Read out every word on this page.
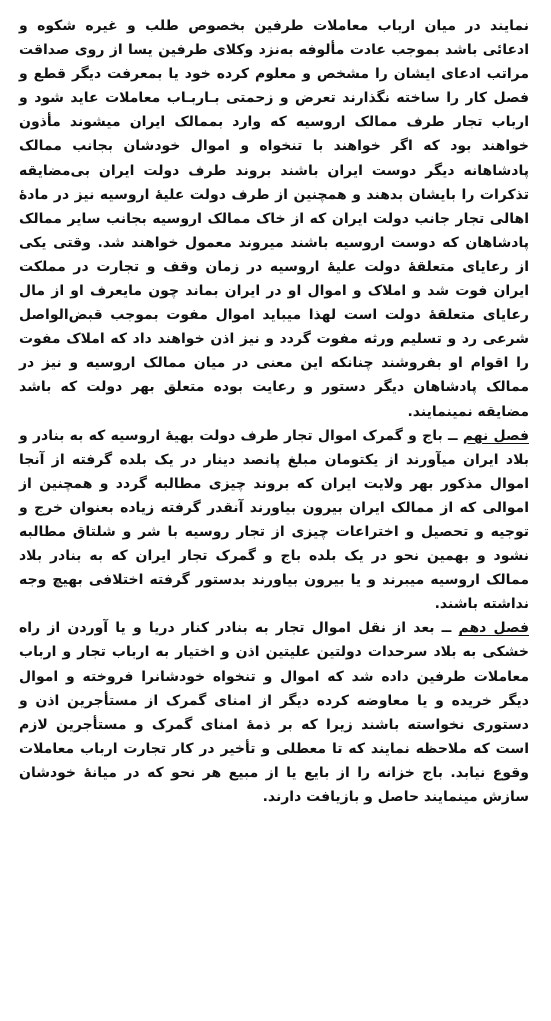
نمایند در میان ارباب معاملات طرفین بخصوص طلب و غیره شکوه و ادعائی باشد بموجب عادت مألوفه به‌نزد وکلای طرفین یسا از روی صداقت مراتب ادعای ایشان را مشخص و معلوم کرده خود یا بمعرفت دیگر قطع و فصل کار را ساخته نگذارند تعرض و زحمتی بـاربـاب معاملات عاید شود و ارباب تجار طرف ممالک اروسیه که وارد بممالک ایران میشوند مأذون خواهند بود که اگر خواهند با تنخواه و اموال خودشان بجانب ممالک پادشاهانه دیگر دوست ایران باشند بروند طرف دولت ایران بی‌مضایقه تذکرات را بایشان بدهند و همچنین از طرف دولت علیهٔ اروسیه نیز در مادهٔ اهالی تجار جانب دولت ایران که از خاک ممالک اروسیه بجانب سایر ممالک پادشاهان که دوست اروسیه باشند میروند معمول خواهند شد. وقتی یکی از رعایای متعلقهٔ دولت علیهٔ اروسیه در زمان وقف و تجارت در مملکت ایران فوت شد و املاک و اموال او در ایران بماند چون مایعرف او از مال رعایای متعلقهٔ دولت است لهذا میباید اموال مفوت بموجب قبض‌الواصل شرعی رد و تسلیم ورثه مفوت گردد و نیز اذن خواهند داد که املاک مفوت را اقوام او بفروشند چنانکه این معنی در میان ممالک اروسیه و نیز در ممالک پادشاهان دیگر دستور و رعایت بوده متعلق بهر دولت که باشد مضایقه نمینمایند.

فصل نهم ــ باج و گمرک اموال تجار طرف دولت بهیهٔ اروسیه که به بنادر و بلاد ایران میآورند از یکتومان مبلغ پانصد دینار در یک بلده گرفته از آنجا اموال مذکور بهر ولایت ایران که بروند چیزی مطالبه گردد و همچنین از اموالی که از ممالک ایران بیرون بیاورند آنقدر گرفته زیاده بعنوان خرج و توجیه و تحصیل و اختراعات چیزی از تجار روسیه با شر و شلتاق مطالبه نشود و بهمین نحو در یک بلده باج و گمرک تجار ایران که به بنادر بلاد ممالک اروسیه میبرند و یا بیرون بیاورند بدستور گرفته اختلافی بهیچ وجه نداشته باشند.

فصل دهم ــ بعد از نقل اموال تجار به بنادر کنار دریا و یا آوردن از راه خشکی به بلاد سرحدات دولتین علیتین اذن و اختیار به ارباب تجار و ارباب معاملات طرفین داده شد که اموال و تنخواه خودشانرا فروخته و اموال دیگر خریده و یا معاوضه کرده دیگر از امنای گمرک از مستأجرین اذن و دستوری نخواسته باشند زیرا که بر ذمهٔ امنای گمرک و مستأجرین لازم است که ملاحظه نمایند که تا معطلی و تأخیر در کار تجارت ارباب معاملات وقوع نیابد. باج خزانه را از بایع یا از مبیع هر نحو که در میانهٔ خودشان سازش مینمایند حاصل و بازیافت دارند.
